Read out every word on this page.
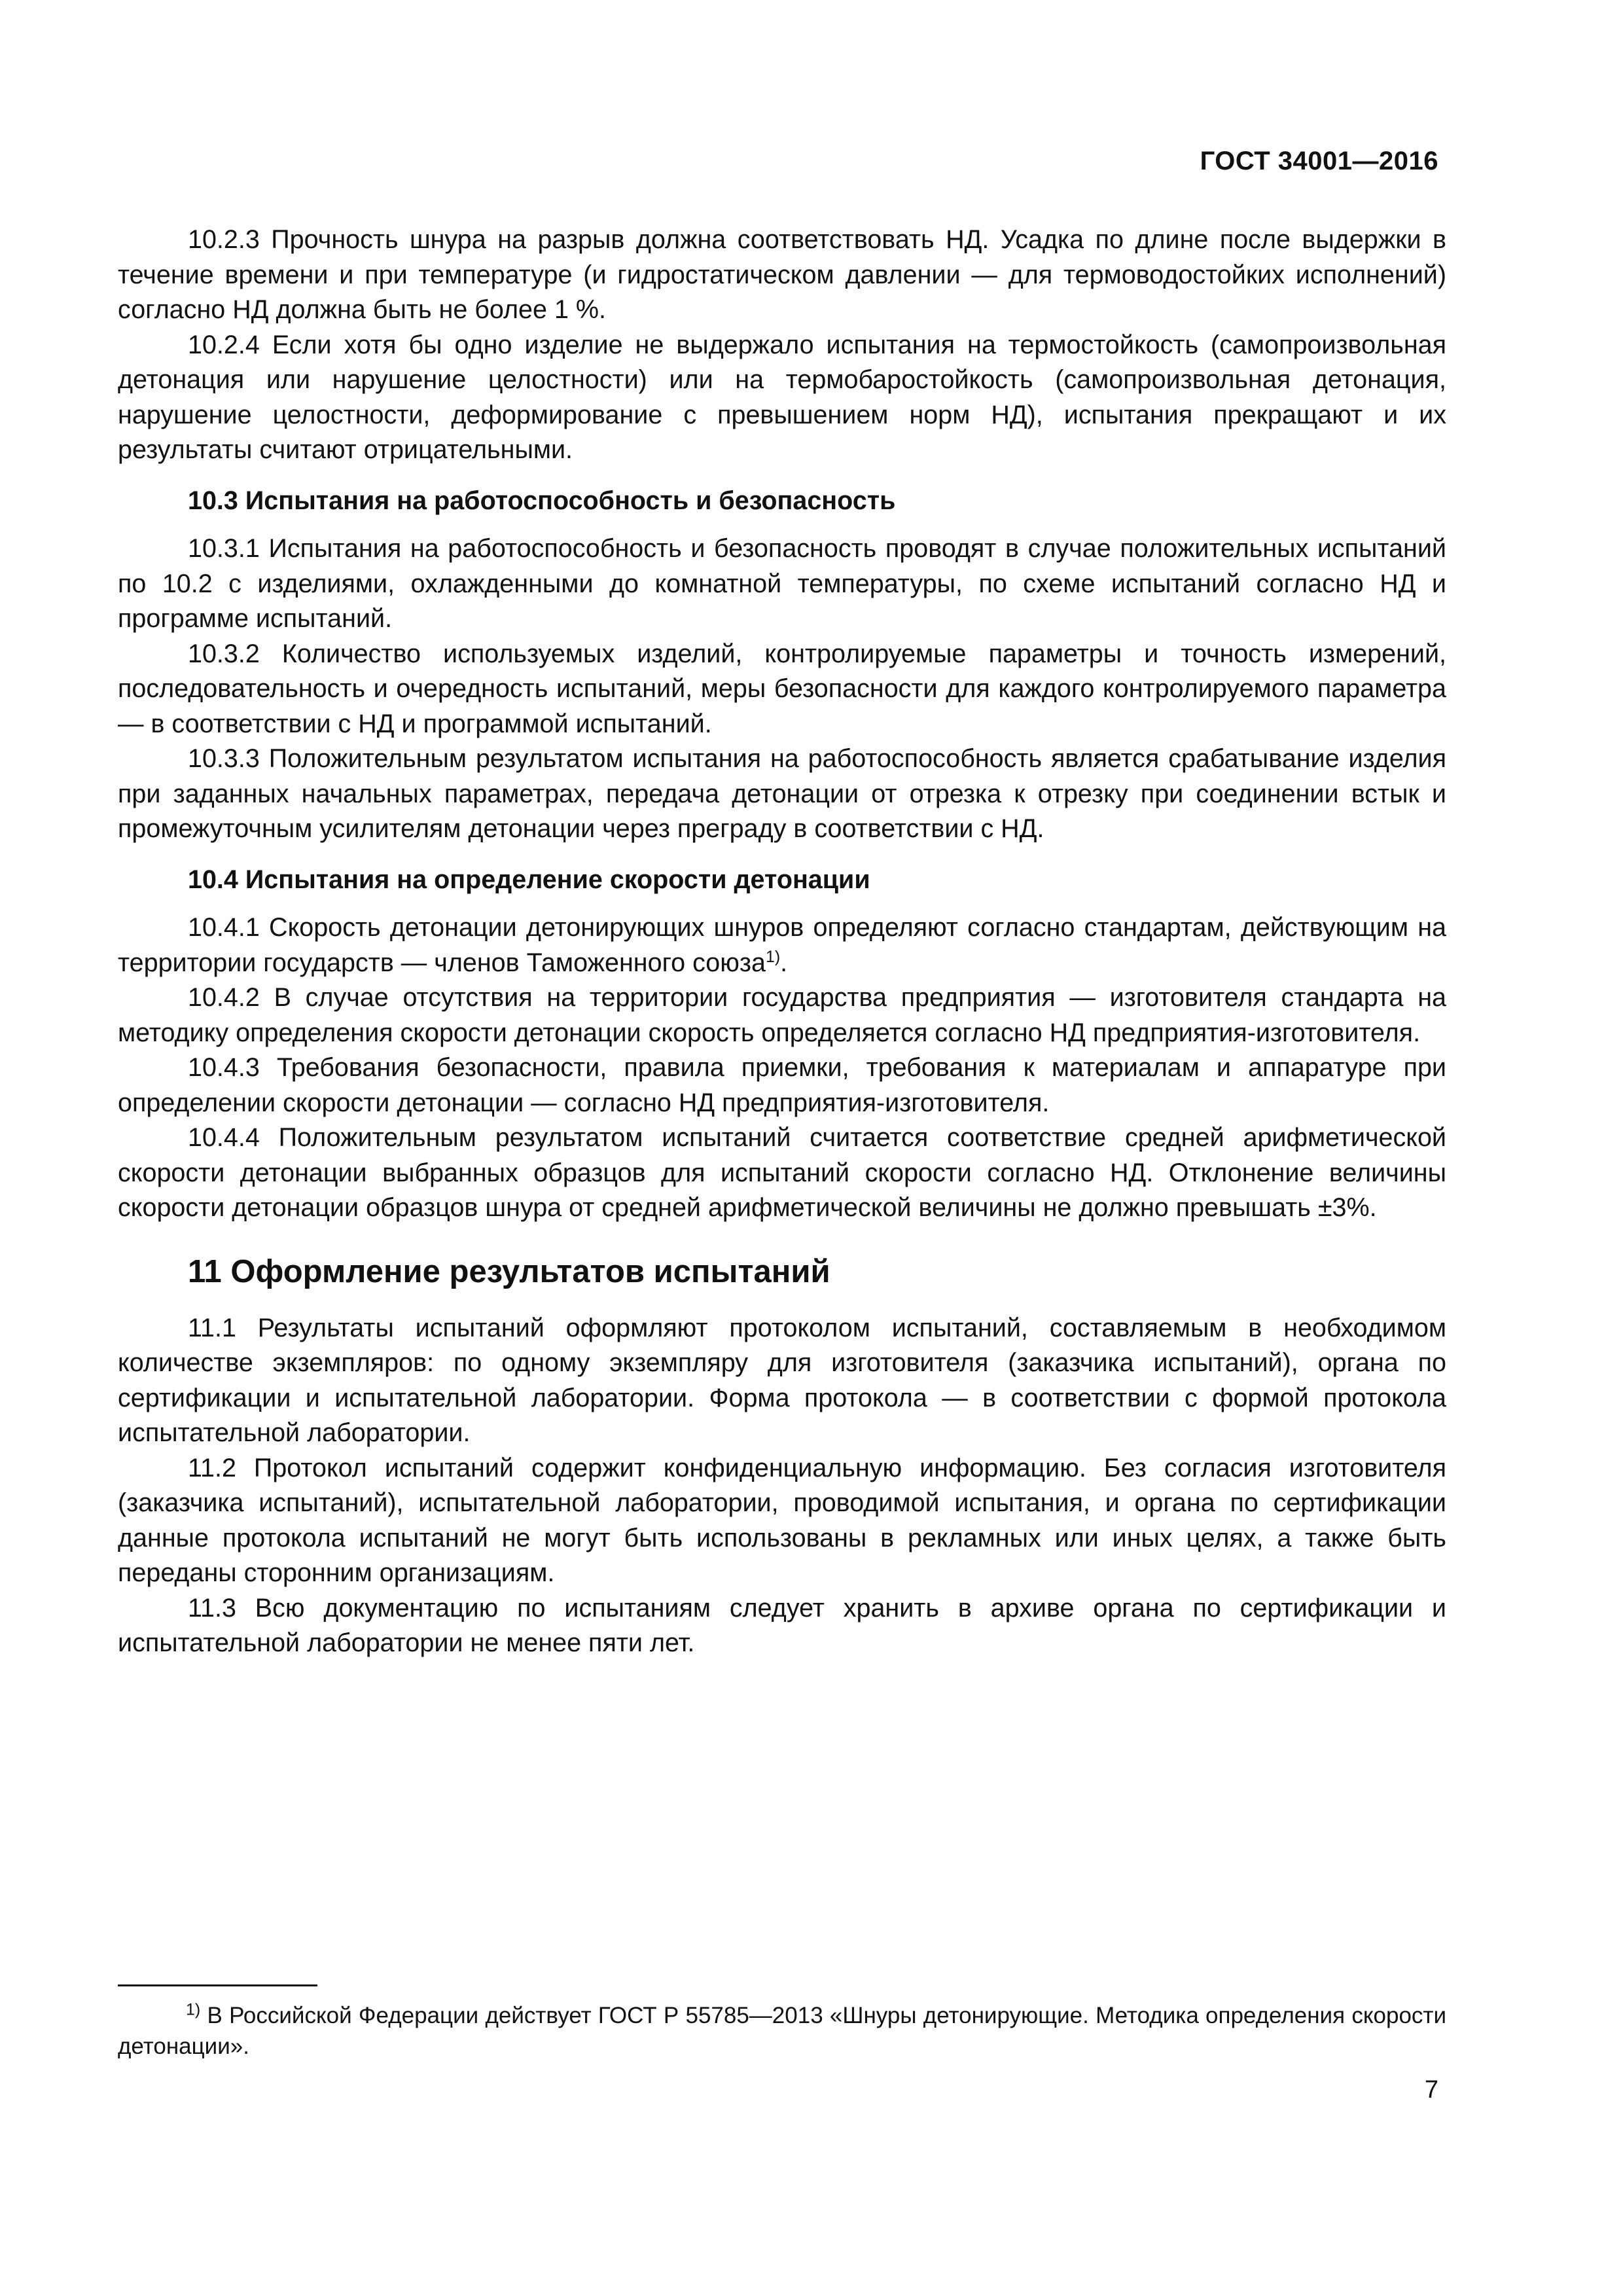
ГОСТ 34001—2016

10.2.3 Прочность шнура на разрыв должна соответствовать НД. Усадка по длине после выдержки в течение времени и при температуре (и гидростатическом давлении — для термоводостойких исполнений) согласно НД должна быть не более 1 %.

10.2.4 Если хотя бы одно изделие не выдержало испытания на термостойкость (самопроизвольная детонация или нарушение целостности) или на термобаростойкость (самопроизвольная детонация, нарушение целостности, деформирование с превышением норм НД), испытания прекращают и их результаты считают отрицательными.

10.3 Испытания на работоспособность и безопасность

10.3.1 Испытания на работоспособность и безопасность проводят в случае положительных испытаний по 10.2 с изделиями, охлажденными до комнатной температуры, по схеме испытаний согласно НД и программе испытаний.

10.3.2 Количество используемых изделий, контролируемые параметры и точность измерений, последовательность и очередность испытаний, меры безопасности для каждого контролируемого параметра — в соответствии с НД и программой испытаний.

10.3.3 Положительным результатом испытания на работоспособность является срабатывание изделия при заданных начальных параметрах, передача детонации от отрезка к отрезку при соединении встык и промежуточным усилителям детонации через преграду в соответствии с НД.

10.4 Испытания на определение скорости детонации

10.4.1 Скорость детонации детонирующих шнуров определяют согласно стандартам, действующим на территории государств — членов Таможенного союза$^{1)}$.

10.4.2 В случае отсутствия на территории государства предприятия — изготовителя стандарта на методику определения скорости детонации скорость определяется согласно НД предприятия-изготовителя.

10.4.3 Требования безопасности, правила приемки, требования к материалам и аппаратуре при определении скорости детонации — согласно НД предприятия-изготовителя.

10.4.4 Положительным результатом испытаний считается соответствие средней арифметической скорости детонации выбранных образцов для испытаний скорости согласно НД. Отклонение величины скорости детонации образцов шнура от средней арифметической величины не должно превышать ±3%.

11 Оформление результатов испытаний

11.1 Результаты испытаний оформляют протоколом испытаний, составляемым в необходимом количестве экземпляров: по одному экземпляру для изготовителя (заказчика испытаний), органа по сертификации и испытательной лаборатории. Форма протокола — в соответствии с формой протокола испытательной лаборатории.

11.2 Протокол испытаний содержит конфиденциальную информацию. Без согласия изготовителя (заказчика испытаний), испытательной лаборатории, проводимой испытания, и органа по сертификации данные протокола испытаний не могут быть использованы в рекламных или иных целях, а также быть переданы сторонним организациям.

11.3 Всю документацию по испытаниям следует хранить в архиве органа по сертификации и испытательной лаборатории не менее пяти лет.

$^{1)}$ В Российской Федерации действует ГОСТ Р 55785—2013 «Шнуры детонирующие. Методика определения скорости детонации».
7
